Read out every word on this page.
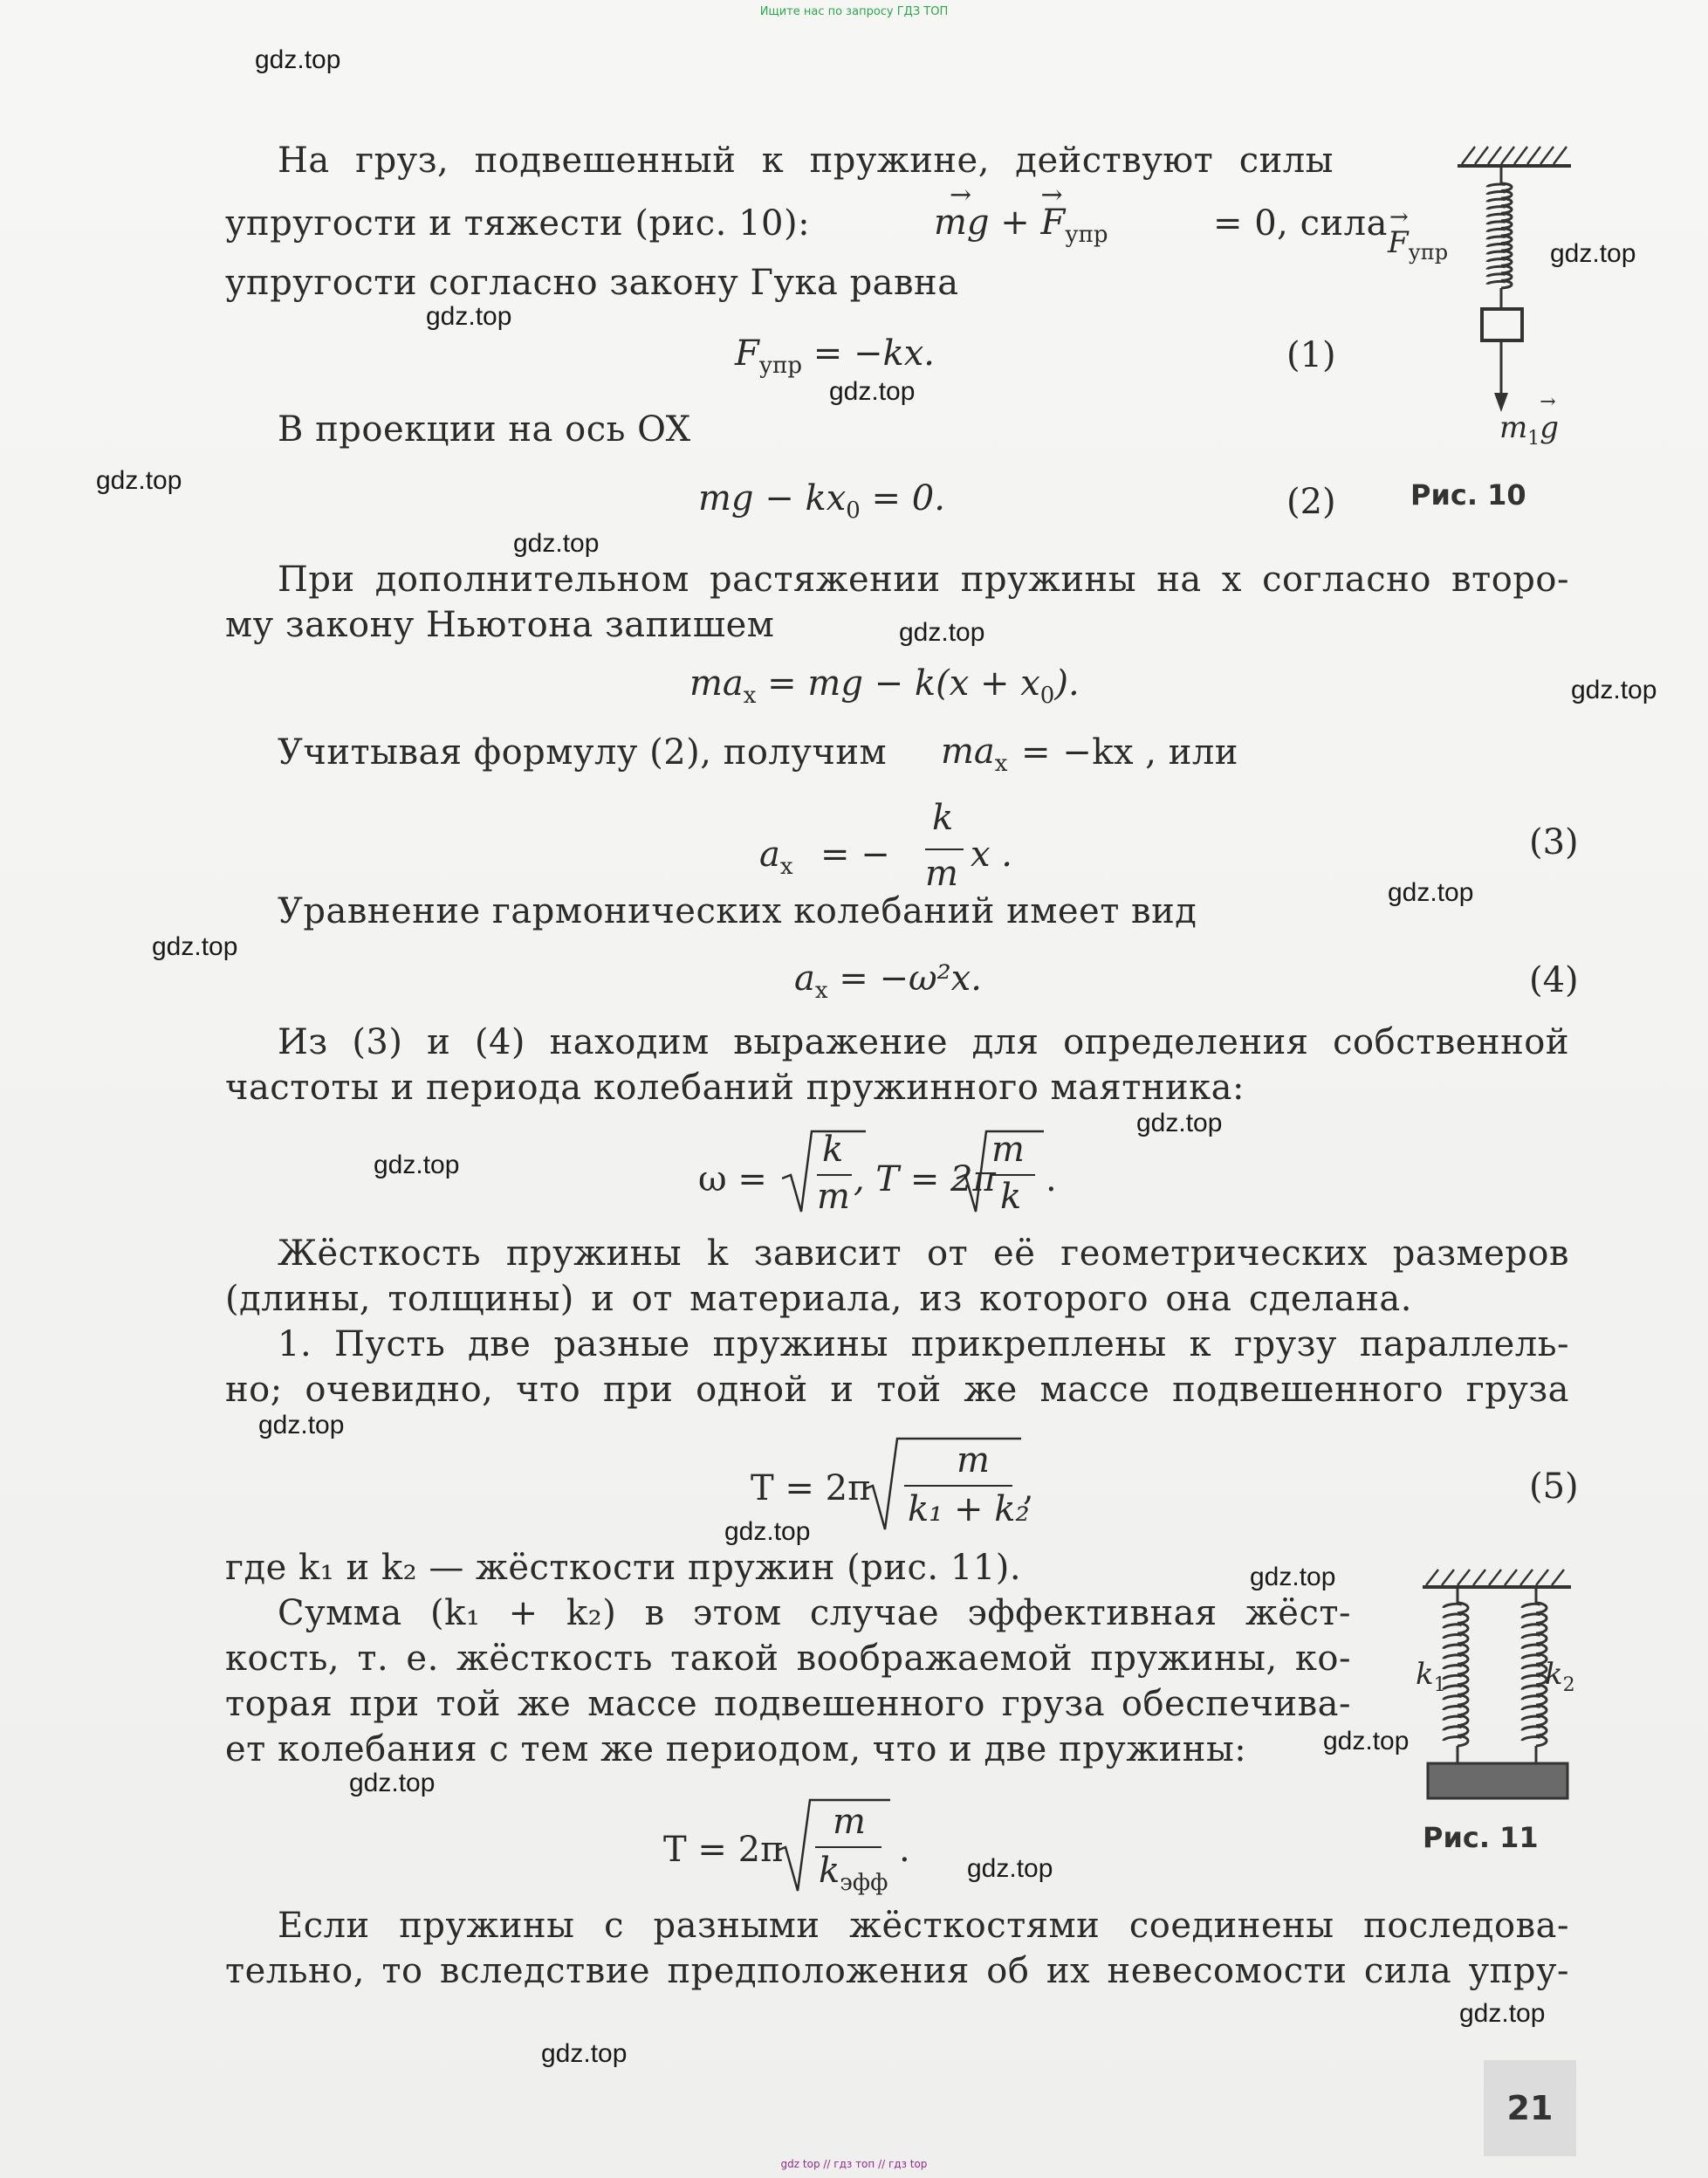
Ищите нас по запросу ГДЗ ТОП
На груз, подвешенный к пружине, действуют силы
упругости и тяжести (рис. 10):
→
mg +
→
$F_{упр}$	= 0, сила
упругости согласно закону Гука равна
$F_{упр} = -kx$.	(1)
В проекции на ось OX
mg − $kx_0 = 0$.	(2)
→
$F_{упр}$
$m_1$
→
g
Рис. 10
При дополнительном растяжении пружины на x согласно второ-
му закону Ньютона запишем
$ma_x$ = mg − $k(x + x_0)$.
Учитывая формулу (2), получим $ma_x = -kx$ , или
$a_x$ = −
k
m x .	(3)
Уравнение гармонических колебаний имеет вид
$a_x = -\omega^2x$.	(4)
Из (3) и (4) находим выражение для определения собственной
частоты и периода колебаний пружинного маятника:
ω =
k
m , T = 2π
m
k .
Жёсткость пружины k зависит от её геометрических размеров
(длины, толщины) и от материала, из которого она сделана.
1. Пусть две разные пружины прикреплены к грузу параллель-
но; очевидно, что при одной и той же массе подвешенного груза
T = 2π
m
k₁ + k₂
,	(5)
где k₁ и k₂ — жёсткости пружин (рис. 11).
Сумма (k₁ + k₂) в этом случае эффективная жёст-
кость, т. е. жёсткость такой воображаемой пружины, ко-
торая при той же массе подвешенного груза обеспечива-
ет колебания с тем же периодом, что и две пружины:
$k_1$	$k_2$
Рис. 11
T = 2π
m
$k_{эфф}$
.
Если пружины с разными жёсткостями соединены последова-
тельно, то вследствие предположения об их невесомости сила упру-
21
gdz.top
gdz.top
gdz.top
gdz.top
gdz.top
gdz.top
gdz.top
gdz.top
gdz.top
gdz.top
gdz.top
gdz.top
gdz.top
gdz.top
gdz.top
gdz.top
gdz.top
gdz.top
gdz.top
gdz.top
gdz top // гдз топ // гдз top
